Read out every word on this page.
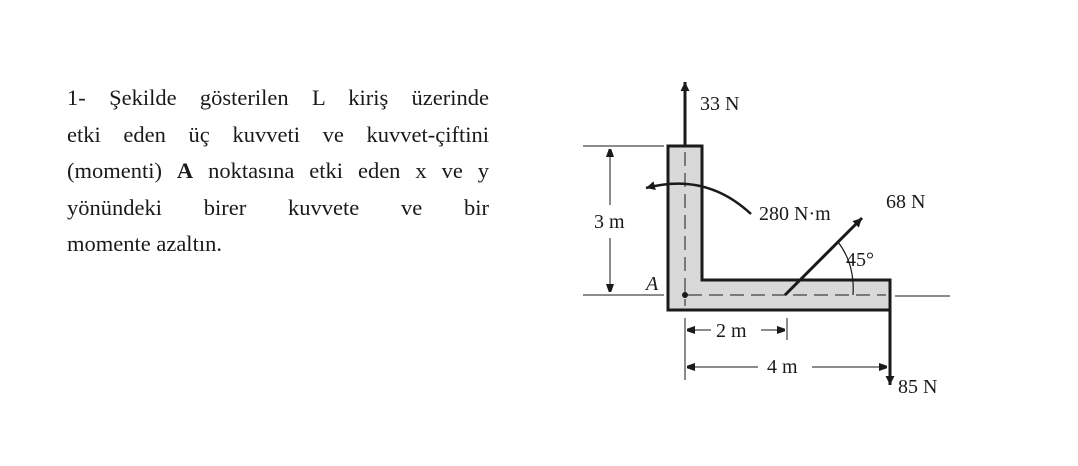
1- Şekilde gösterilen L kiriş üzerinde
etki eden üç kuvveti ve kuvvet-çiftini
(momenti) A noktasına etki eden x ve y
yönündeki birer kuvvete ve bir
momente azaltın.
A
33 N
280 N·m
68 N
45°
85 N
3 m
2 m
4 m
